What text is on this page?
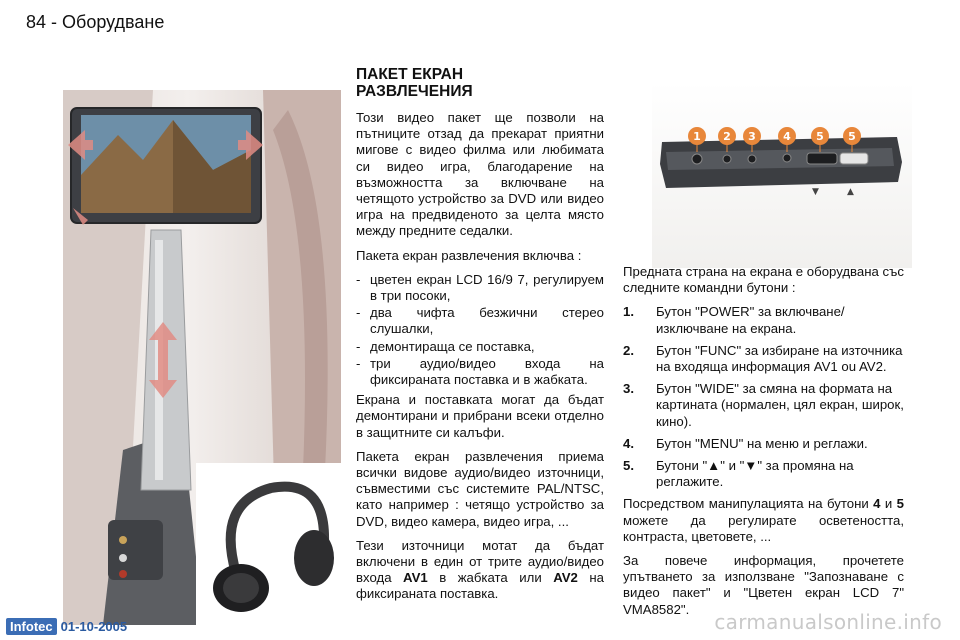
84 - Оборудване
▼	▲
1 2 3 4 5 5
ПАКЕТ ЕКРАН
РАЗВЛЕЧЕНИЯ

Този видео пакет ще позволи на пътниците отзад да прекарат приятни мигове с видео филма или любимата си видео игра, благодарение на възможността за включване на четящото устройство за DVD или видео игра на предвиденото за целта място между предните седалки.

Пакета екран развлечения включва :

- цветен екран LCD 16/9 7, регулируем в три посоки,
- два чифта безжични стерео слушалки,
- демонтираща се поставка,
- три аудио/видео входа на фиксираната поставка и в жабката.

Екрана и поставката могат да бъдат демонтирани и прибрани всеки отделно в защитните си калъфи.

Пакета екран развлечения приема всички видове аудио/видео източници, съвместими със системите PAL/NTSC, като например : четящо устройство за DVD, видео камера, видео игра, ...

Тези източници мотат да бъдат включени в един от трите аудио/видео входа AV1 в жабката или AV2 на фиксираната поставка.

Предната страна на екрана е оборудвана със следните командни бутони :

1. Бутон "POWER" за включване/ изключване на екрана.
2. Бутон "FUNC" за избиране на източника на входяща информация AV1 ou AV2.
3. Бутон "WIDE" за смяна на формата на картината (нормален, цял екран, широк, кино).
4. Бутон "MENU" на меню и реглажи.
5. Бутони "▲" и "▼" за промяна на реглажите.

Посредством манипулацията на бутони 4 и 5 можете да регулирате осветеността, контраста, цветовете, ...

За повече информация, прочетете упътването за използване "Запознаване с видео пакет" и "Цветен екран LCD 7" VMA8582".

Infotec 01-10-2005	carmanualsonline.info
